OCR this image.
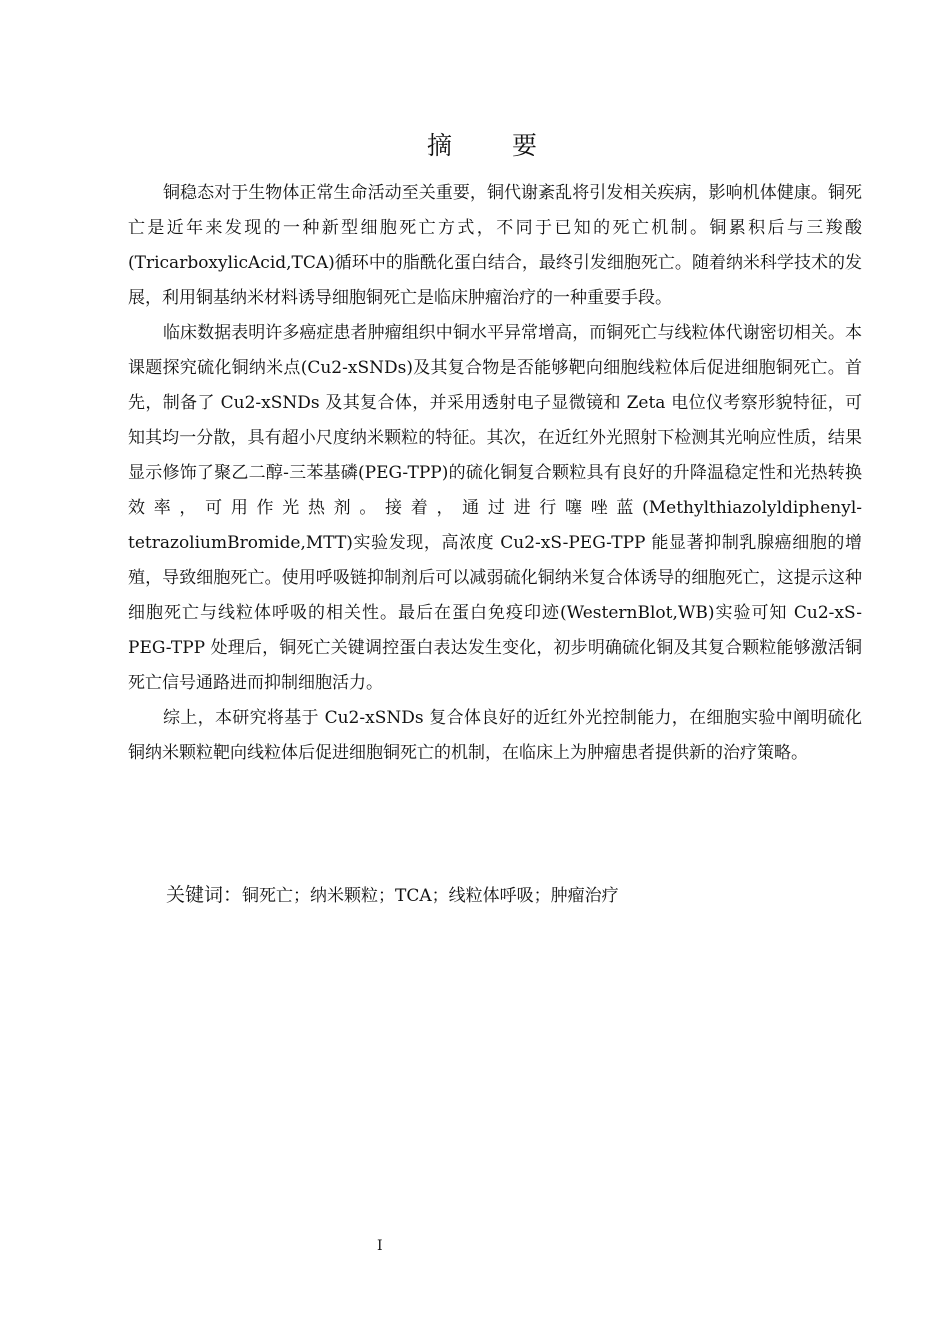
摘 要

铜稳态对于生物体正常生命活动至关重要，铜代谢紊乱将引发相关疾病，影响机体健康。铜死亡是近年来发现的一种新型细胞死亡方式，不同于已知的死亡机制。铜累积后与三羧酸(TricarboxylicAcid,TCA)循环中的脂酰化蛋白结合，最终引发细胞死亡。随着纳米科学技术的发展，利用铜基纳米材料诱导细胞铜死亡是临床肿瘤治疗的一种重要手段。

临床数据表明许多癌症患者肿瘤组织中铜水平异常增高，而铜死亡与线粒体代谢密切相关。本课题探究硫化铜纳米点(Cu2-xSNDs)及其复合物是否能够靶向细胞线粒体后促进细胞铜死亡。首先，制备了 Cu2-xSNDs 及其复合体，并采用透射电子显微镜和 Zeta 电位仪考察形貌特征，可知其均一分散，具有超小尺度纳米颗粒的特征。其次，在近红外光照射下检测其光响应性质，结果显示修饰了聚乙二醇-三苯基磷(PEG-TPP)的硫化铜复合颗粒具有良好的升降温稳定性和光热转换效率，可用作光热剂。接着，通过进行噻唑蓝(Methylthiazolyldiphenyl-tetrazoliumBromide,MTT)实验发现，高浓度 Cu2-xS-PEG-TPP 能显著抑制乳腺癌细胞的增殖，导致细胞死亡。使用呼吸链抑制剂后可以减弱硫化铜纳米复合体诱导的细胞死亡，这提示这种细胞死亡与线粒体呼吸的相关性。最后在蛋白免疫印迹(WesternBlot,WB)实验可知 Cu2-xS-PEG-TPP 处理后，铜死亡关键调控蛋白表达发生变化，初步明确硫化铜及其复合颗粒能够激活铜死亡信号通路进而抑制细胞活力。

综上，本研究将基于 Cu2-xSNDs 复合体良好的近红外光控制能力，在细胞实验中阐明硫化铜纳米颗粒靶向线粒体后促进细胞铜死亡的机制，在临床上为肿瘤患者提供新的治疗策略。

关键词：铜死亡；纳米颗粒；TCA；线粒体呼吸；肿瘤治疗
I
